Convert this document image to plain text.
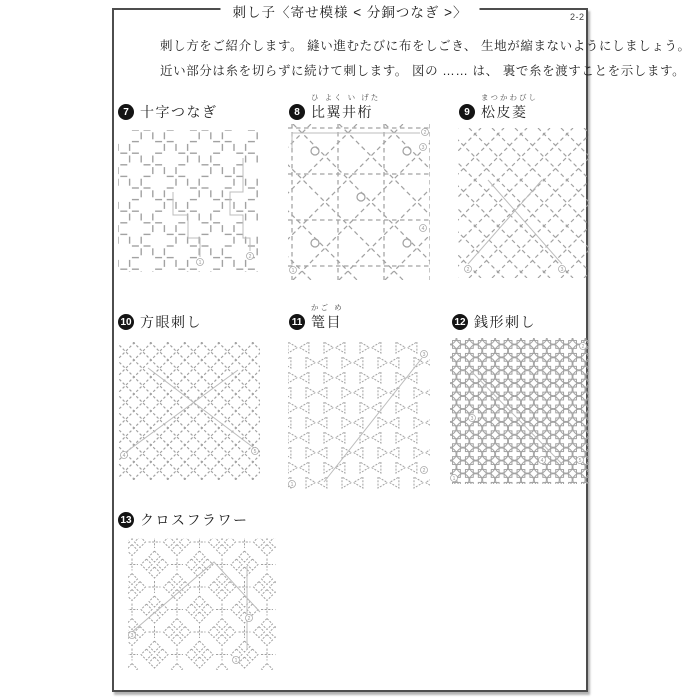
刺し子〈寄せ模様 < 分銅つなぎ >〉	2-2
刺し方をご紹介します。 縫い進むたびに布をしごき、 生地が縮まないようにしましょう。
近い部分は糸を切らずに続けて刺します。 図の …… は、 裏で糸を渡すことを示します。
7 十字つなぎ
ひ よく い げた
8 比翼井桁
まつかわびし
9 松皮菱
10 方眼刺し
かご め
11 篭目	12 銭形刺し
13 クロスフラワー
1
2
1
2
3
4
2	3
4
5
1
2
3
1
2
3
4	5
1
2
3
